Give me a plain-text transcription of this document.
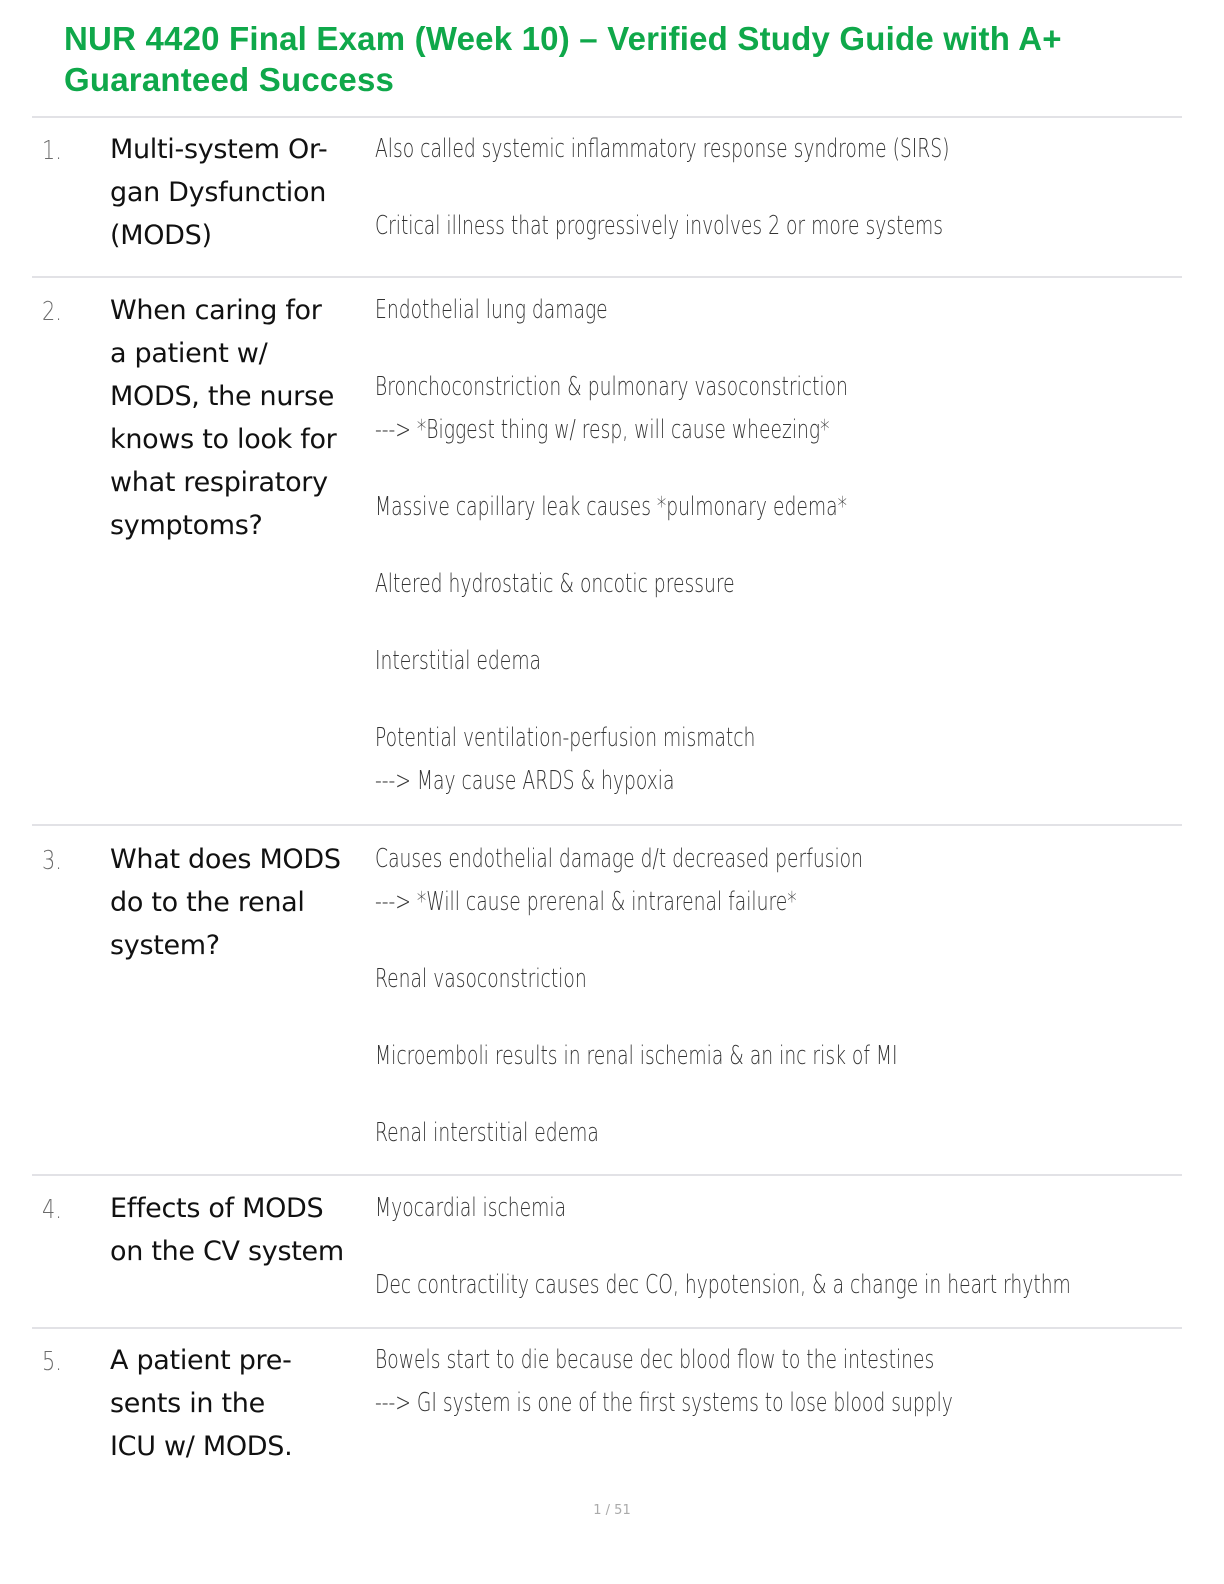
NUR 4420 Final Exam (Week 10) – Verified Study Guide with A+ Guaranteed Success
1. Multi-system Or-
gan Dysfunction
(MODS)

Also called systemic inflammatory response syndrome (SIRS)

Critical illness that progressively involves 2 or more systems

2. When caring for
a patient w/
MODS, the nurse
knows to look for
what respiratory
symptoms?

Endothelial lung damage

Bronchoconstriction & pulmonary vasoconstriction

---> *Biggest thing w/ resp, will cause wheezing*

Massive capillary leak causes *pulmonary edema*

Altered hydrostatic & oncotic pressure

Interstitial edema

Potential ventilation-perfusion mismatch

---> May cause ARDS & hypoxia

3. What does MODS
do to the renal
system?

Causes endothelial damage d/t decreased perfusion

---> *Will cause prerenal & intrarenal failure*

Renal vasoconstriction

Microemboli results in renal ischemia & an inc risk of MI

Renal interstitial edema

4. Effects of MODS
on the CV system

Myocardial ischemia

Dec contractility causes dec CO, hypotension, & a change in heart rhythm

5. A patient pre-
sents in the
ICU w/ MODS.

Bowels start to die because dec blood flow to the intestines

---> GI system is one of the first systems to lose blood supply

1 / 51
